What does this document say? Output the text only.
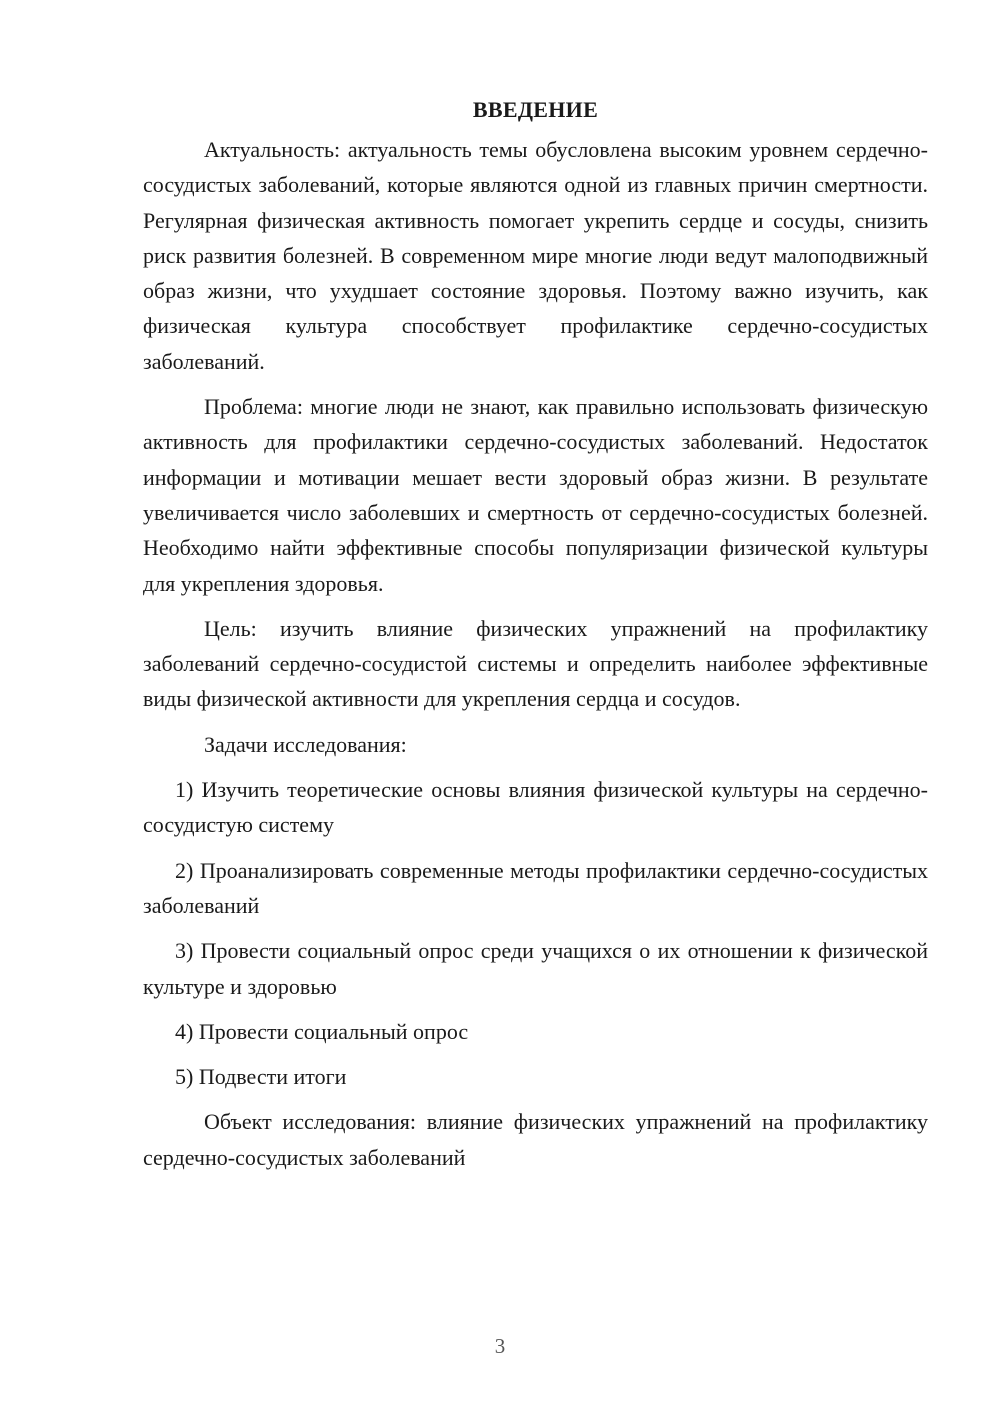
ВВЕДЕНИЕ

Актуальность: актуальность темы обусловлена высоким уровнем сердечно-сосудистых заболеваний, которые являются одной из главных причин смертности. Регулярная физическая активность помогает укрепить сердце и сосуды, снизить риск развития болезней. В современном мире многие люди ведут малоподвижный образ жизни, что ухудшает состояние здоровья. Поэтому важно изучить, как физическая культура способствует профилактике сердечно-сосудистых заболеваний.

Проблема: многие люди не знают, как правильно использовать физическую активность для профилактики сердечно-сосудистых заболеваний. Недостаток информации и мотивации мешает вести здоровый образ жизни. В результате увеличивается число заболевших и смертность от сердечно-сосудистых болезней. Необходимо найти эффективные способы популяризации физической культуры для укрепления здоровья.

Цель: изучить влияние физических упражнений на профилактику заболеваний сердечно-сосудистой системы и определить наиболее эффективные виды физической активности для укрепления сердца и сосудов.

Задачи исследования:

1) Изучить теоретические основы влияния физической культуры на сердечно-сосудистую систему

2) Проанализировать современные методы профилактики сердечно-сосудистых заболеваний

3) Провести социальный опрос среди учащихся о их отношении к физической культуре и здоровью

4) Провести социальный опрос

5) Подвести итоги

Объект исследования: влияние физических упражнений на профилактику сердечно-сосудистых заболеваний

3
